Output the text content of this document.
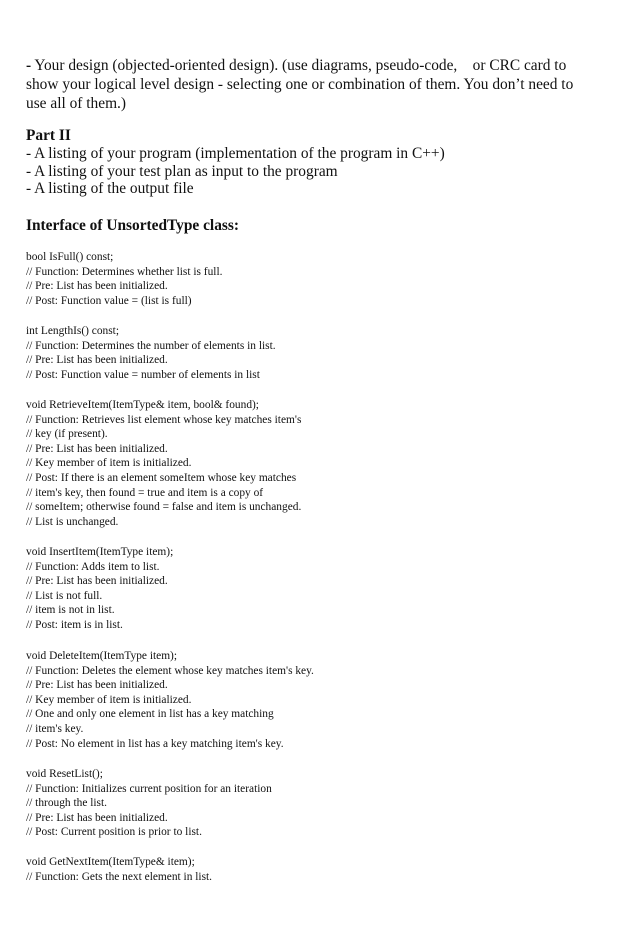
- Your design (objected-oriented design). (use diagrams, pseudo-code,    or CRC card to
show your logical level design - selecting one or combination of them. You don’t need to
use all of them.)
Part II
- A listing of your program (implementation of the program in C++)
- A listing of your test plan as input to the program
- A listing of the output file
Interface of UnsortedType class:
bool IsFull() const;
// Function: Determines whether list is full.
// Pre: List has been initialized.
// Post: Function value = (list is full)
int LengthIs() const;
// Function: Determines the number of elements in list.
// Pre: List has been initialized.
// Post: Function value = number of elements in list
void RetrieveItem(ItemType& item, bool& found);
// Function: Retrieves list element whose key matches item's
// key (if present).
// Pre: List has been initialized.
// Key member of item is initialized.
// Post: If there is an element someItem whose key matches
// item's key, then found = true and item is a copy of
// someItem; otherwise found = false and item is unchanged.
// List is unchanged.
void InsertItem(ItemType item);
// Function: Adds item to list.
// Pre: List has been initialized.
// List is not full.
// item is not in list.
// Post: item is in list.
void DeleteItem(ItemType item);
// Function: Deletes the element whose key matches item's key.
// Pre: List has been initialized.
// Key member of item is initialized.
// One and only one element in list has a key matching
// item's key.
// Post: No element in list has a key matching item's key.
void ResetList();
// Function: Initializes current position for an iteration
// through the list.
// Pre: List has been initialized.
// Post: Current position is prior to list.
void GetNextItem(ItemType& item);
// Function: Gets the next element in list.
